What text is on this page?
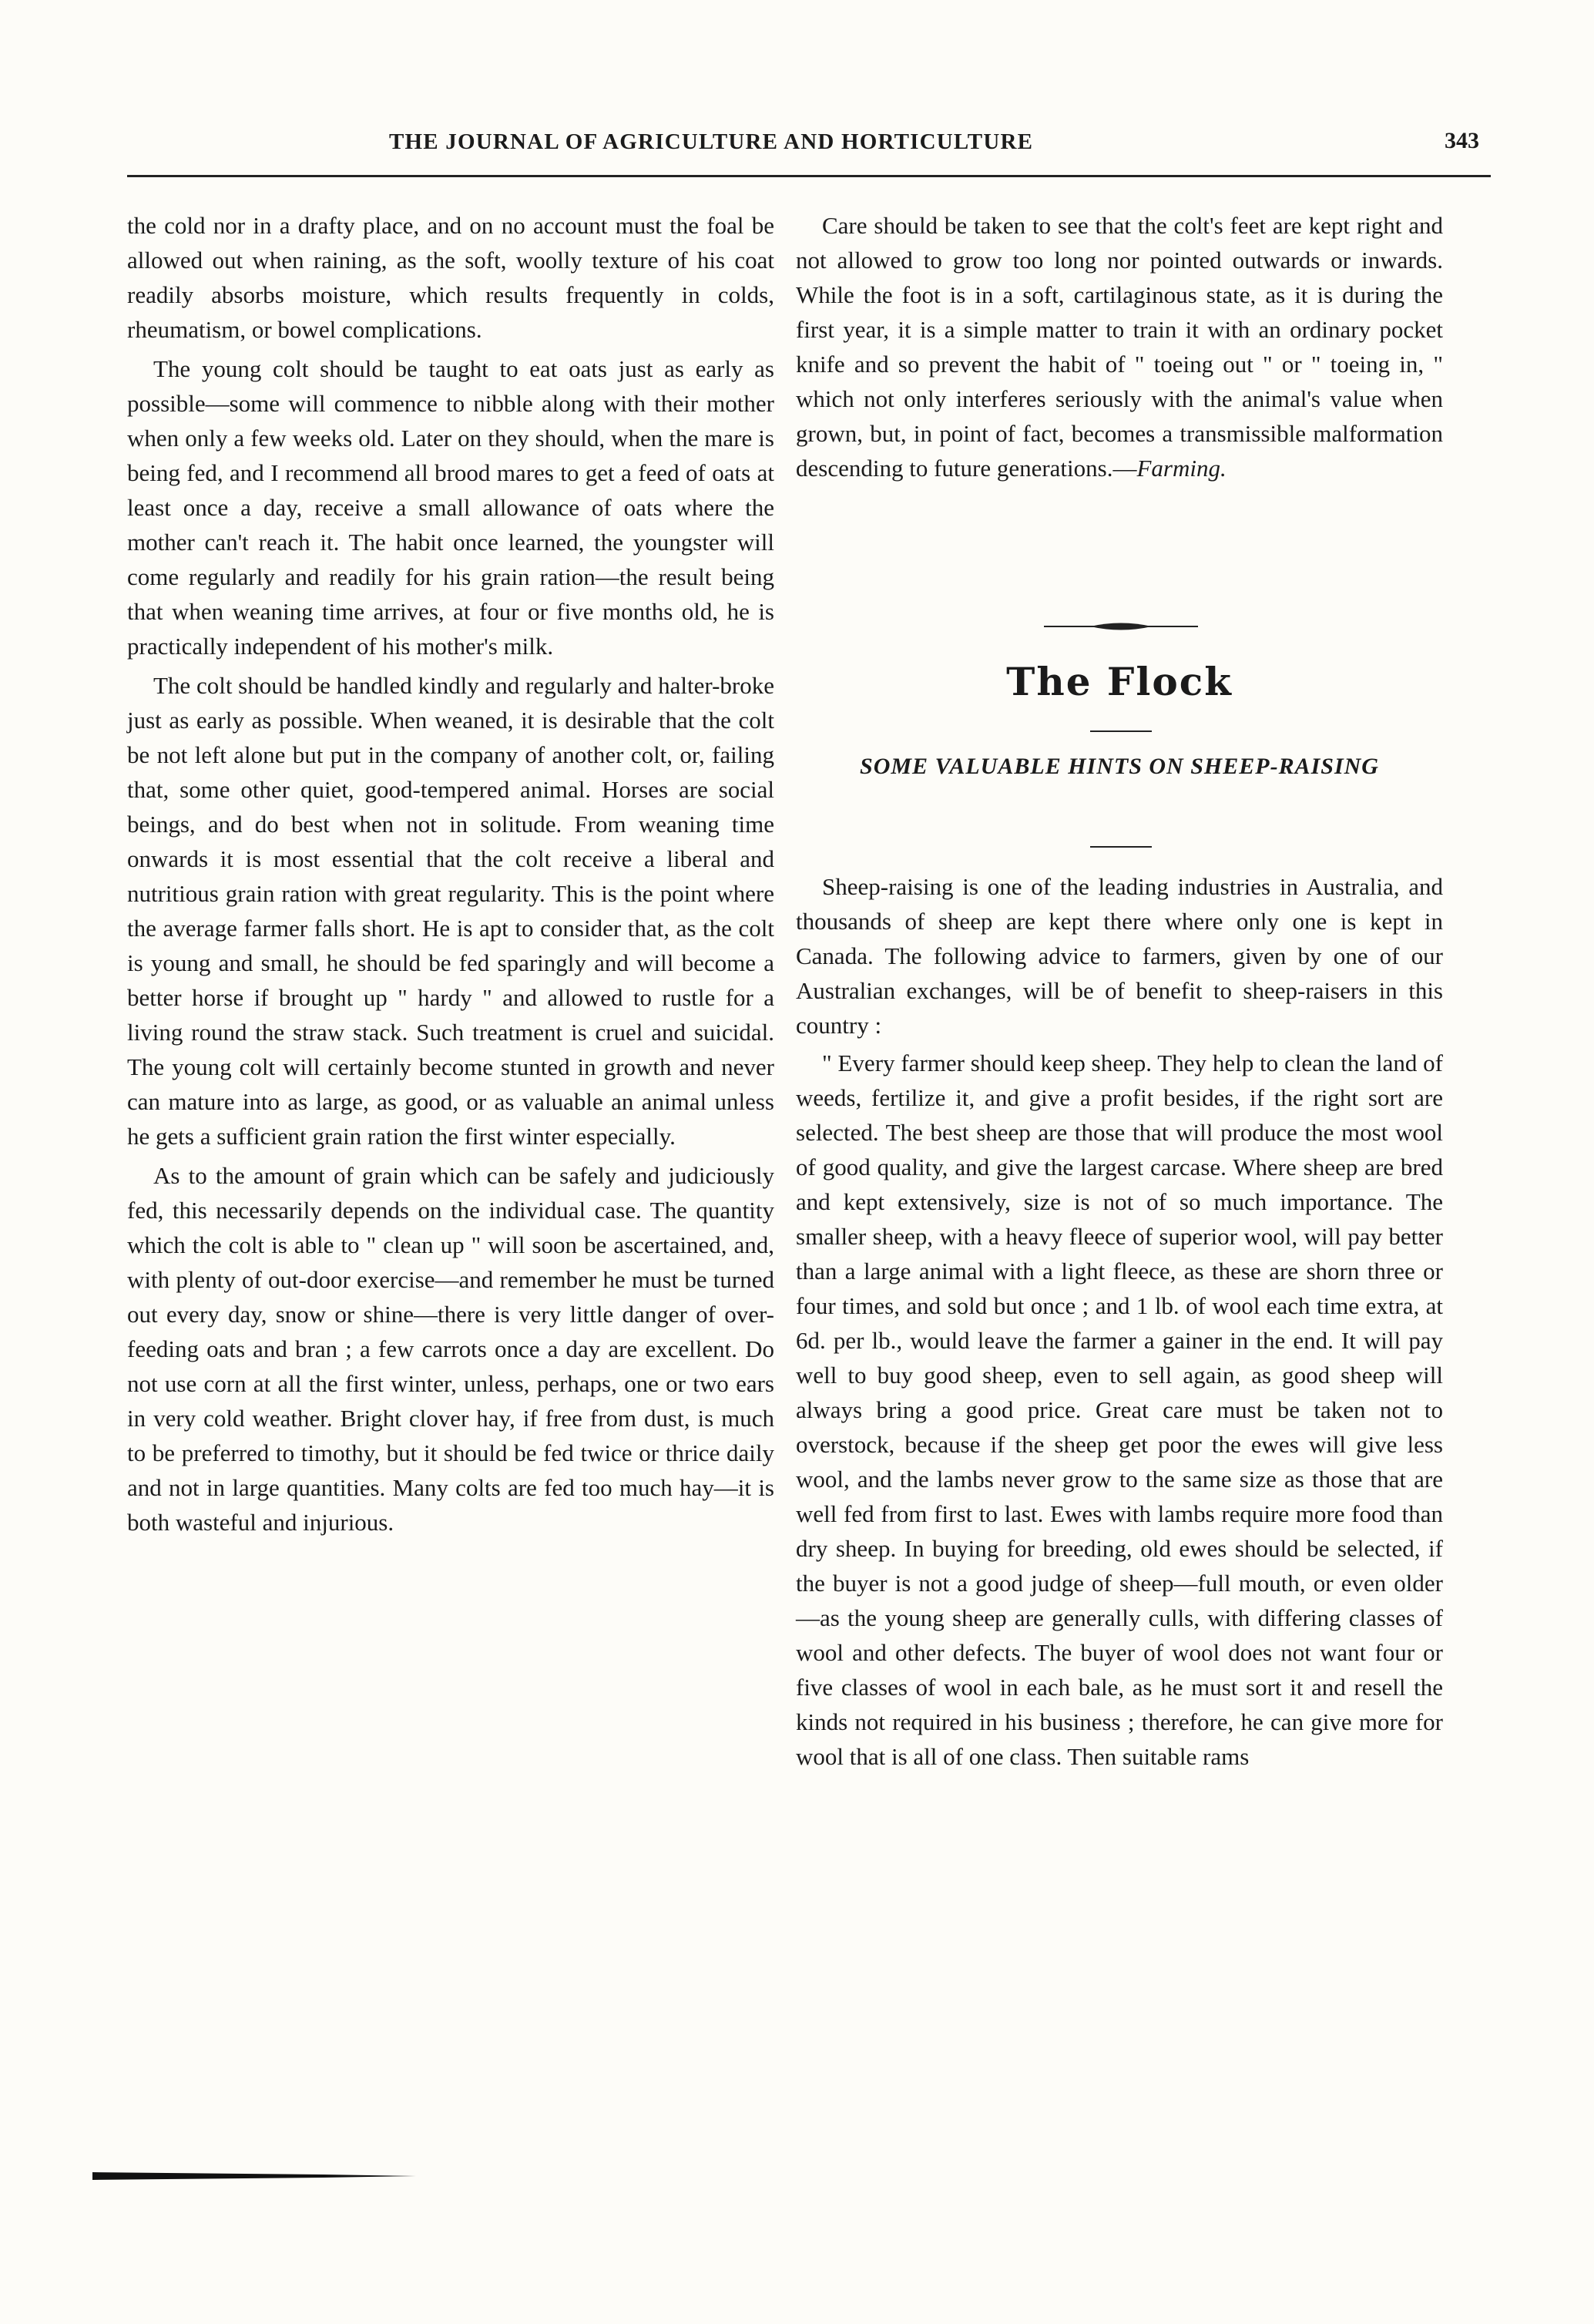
THE JOURNAL OF AGRICULTURE AND HORTICULTURE	343

the cold nor in a drafty place, and on no account must the foal be allowed out when raining, as the soft, woolly texture of his coat readily absorbs moisture, which results frequently in colds, rheumatism, or bowel complications.

The young colt should be taught to eat oats just as early as possible—some will commence to nibble along with their mother when only a few weeks old. Later on they should, when the mare is being fed, and I recommend all brood mares to get a feed of oats at least once a day, receive a small allowance of oats where the mother can't reach it. The habit once learned, the youngster will come regularly and readily for his grain ration—the result being that when weaning time arrives, at four or five months old, he is practically independent of his mother's milk.

The colt should be handled kindly and regularly and halter-broke just as early as possible. When weaned, it is desirable that the colt be not left alone but put in the company of another colt, or, failing that, some other quiet, good-tempered animal. Horses are social beings, and do best when not in solitude. From weaning time onwards it is most essential that the colt receive a liberal and nutritious grain ration with great regularity. This is the point where the average farmer falls short. He is apt to consider that, as the colt is young and small, he should be fed sparingly and will become a better horse if brought up " hardy " and allowed to rustle for a living round the straw stack. Such treatment is cruel and suicidal. The young colt will certainly become stunted in growth and never can mature into as large, as good, or as valuable an animal unless he gets a sufficient grain ration the first winter especially.

As to the amount of grain which can be safely and judiciously fed, this necessarily depends on the individual case. The quantity which the colt is able to " clean up " will soon be ascertained, and, with plenty of out-door exercise—and remember he must be turned out every day, snow or shine—there is very little danger of over-feeding oats and bran ; a few carrots once a day are excellent. Do not use corn at all the first winter, unless, perhaps, one or two ears in very cold weather. Bright clover hay, if free from dust, is much to be preferred to timothy, but it should be fed twice or thrice daily and not in large quantities. Many colts are fed too much hay—it is both wasteful and injurious.

Care should be taken to see that the colt's feet are kept right and not allowed to grow too long nor pointed outwards or inwards. While the foot is in a soft, cartilaginous state, as it is during the first year, it is a simple matter to train it with an ordinary pocket knife and so prevent the habit of " toeing out " or " toeing in, " which not only interferes seriously with the animal's value when grown, but, in point of fact, becomes a transmissible malformation descending to future generations.—Farming.

The Flock
SOME VALUABLE HINTS ON SHEEP-RAISING

Sheep-raising is one of the leading industries in Australia, and thousands of sheep are kept there where only one is kept in Canada. The following advice to farmers, given by one of our Australian exchanges, will be of benefit to sheep-raisers in this country :

" Every farmer should keep sheep. They help to clean the land of weeds, fertilize it, and give a profit besides, if the right sort are selected. The best sheep are those that will produce the most wool of good quality, and give the largest carcase. Where sheep are bred and kept extensively, size is not of so much importance. The smaller sheep, with a heavy fleece of superior wool, will pay better than a large animal with a light fleece, as these are shorn three or four times, and sold but once ; and 1 lb. of wool each time extra, at 6d. per lb., would leave the farmer a gainer in the end. It will pay well to buy good sheep, even to sell again, as good sheep will always bring a good price. Great care must be taken not to overstock, because if the sheep get poor the ewes will give less wool, and the lambs never grow to the same size as those that are well fed from first to last. Ewes with lambs require more food than dry sheep. In buying for breeding, old ewes should be selected, if the buyer is not a good judge of sheep—full mouth, or even older—as the young sheep are generally culls, with differing classes of wool and other defects. The buyer of wool does not want four or five classes of wool in each bale, as he must sort it and resell the kinds not required in his business ; therefore, he can give more for wool that is all of one class. Then suitable rams
